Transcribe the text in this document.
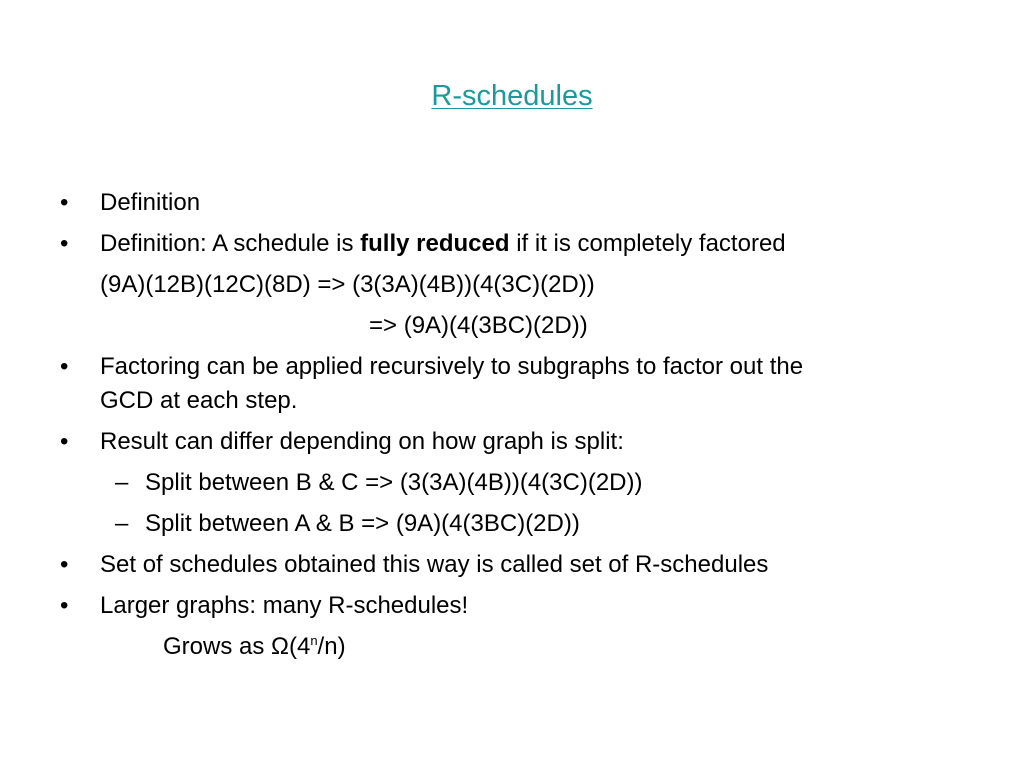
R-schedules
• Definition
• Definition: A schedule is fully reduced if it is completely factored
(9A)(12B)(12C)(8D) => (3(3A)(4B))(4(3C)(2D))
=> (9A)(4(3BC)(2D))
• Factoring can be applied recursively to subgraphs to factor out the
GCD at each step.
• Result can differ depending on how graph is split:
– Split between B & C => (3(3A)(4B))(4(3C)(2D))
– Split between A & B => (9A)(4(3BC)(2D))
• Set of schedules obtained this way is called set of R-schedules
• Larger graphs: many R-schedules!
Grows as Ω(4$^n$/n)
